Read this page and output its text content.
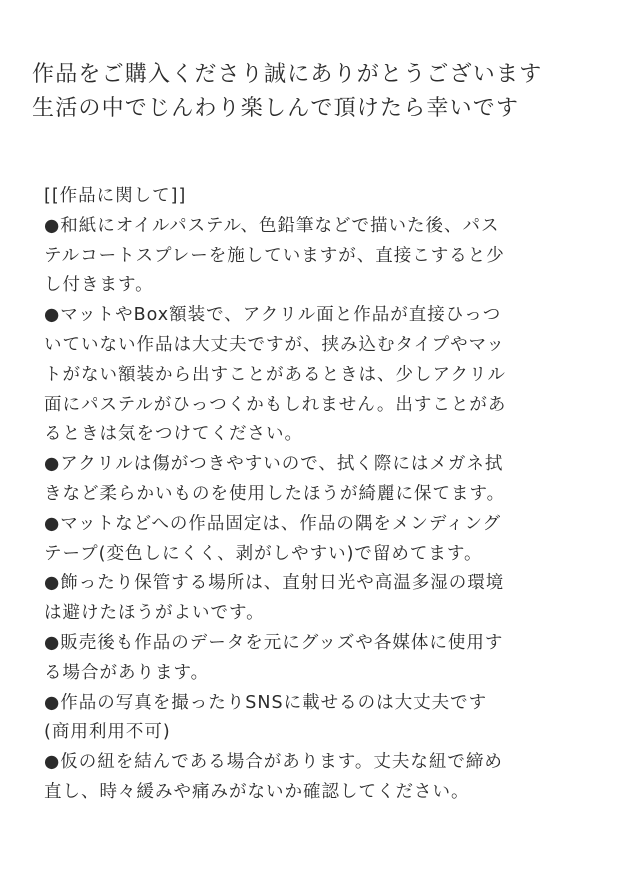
作品をご購入くださり誠にありがとうございます
生活の中でじんわり楽しんで頂けたら幸いです
[[作品に関して]]
●和紙にオイルパステル、色鉛筆などで描いた後、パス
テルコートスプレーを施していますが、直接こすると少
し付きます。
●マットやBox額装で、アクリル面と作品が直接ひっつ
いていない作品は大丈夫ですが、挟み込むタイプやマッ
トがない額装から出すことがあるときは、少しアクリル
面にパステルがひっつくかもしれません。出すことがあ
るときは気をつけてください。
●アクリルは傷がつきやすいので、拭く際にはメガネ拭
きなど柔らかいものを使用したほうが綺麗に保てます。
●マットなどへの作品固定は、作品の隅をメンディング
テープ(変色しにくく、剥がしやすい)で留めてます。
●飾ったり保管する場所は、直射日光や高温多湿の環境
は避けたほうがよいです。
●販売後も作品のデータを元にグッズや各媒体に使用す
る場合があります。
●作品の写真を撮ったりSNSに載せるのは大丈夫です
(商用利用不可)
●仮の紐を結んである場合があります。丈夫な紐で締め
直し、時々緩みや痛みがないか確認してください。
